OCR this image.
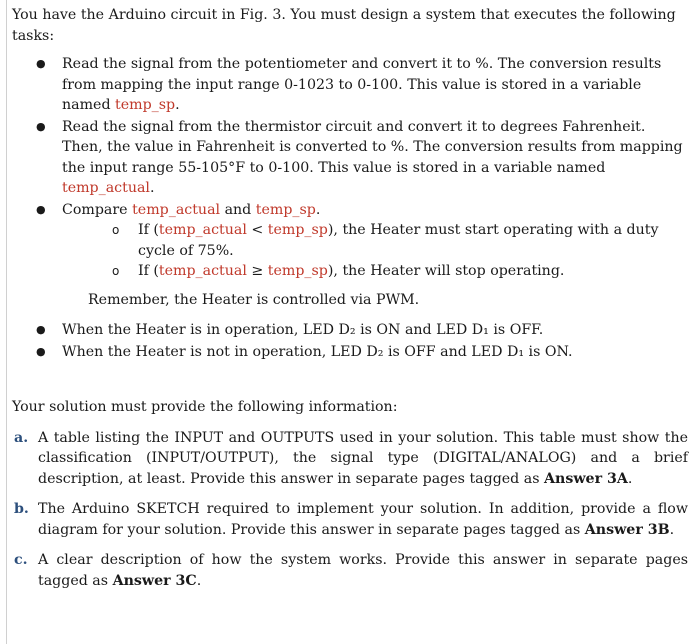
You have the Arduino circuit in Fig. 3. You must design a system that executes the following tasks:

● Read the signal from the potentiometer and convert it to %. The conversion results from mapping the input range 0-1023 to 0-100. This value is stored in a variable named temp_sp.
● Read the signal from the thermistor circuit and convert it to degrees Fahrenheit. Then, the value in Fahrenheit is converted to %. The conversion results from mapping the input range 55-105°F to 0-100. This value is stored in a variable named temp_actual.
● Compare temp_actual and temp_sp.
o If (temp_actual < temp_sp), the Heater must start operating with a duty cycle of 75%.
o If (temp_actual ≥ temp_sp), the Heater will stop operating.

Remember, the Heater is controlled via PWM.

● When the Heater is in operation, LED D₂ is ON and LED D₁ is OFF.
● When the Heater is not in operation, LED D₂ is OFF and LED D₁ is ON.

Your solution must provide the following information:

a. A table listing the INPUT and OUTPUTS used in your solution. This table must show the classification (INPUT/OUTPUT), the signal type (DIGITAL/ANALOG) and a brief description, at least. Provide this answer in separate pages tagged as Answer 3A.
b. The Arduino SKETCH required to implement your solution. In addition, provide a flow diagram for your solution. Provide this answer in separate pages tagged as Answer 3B.
c. A clear description of how the system works. Provide this answer in separate pages tagged as Answer 3C.
